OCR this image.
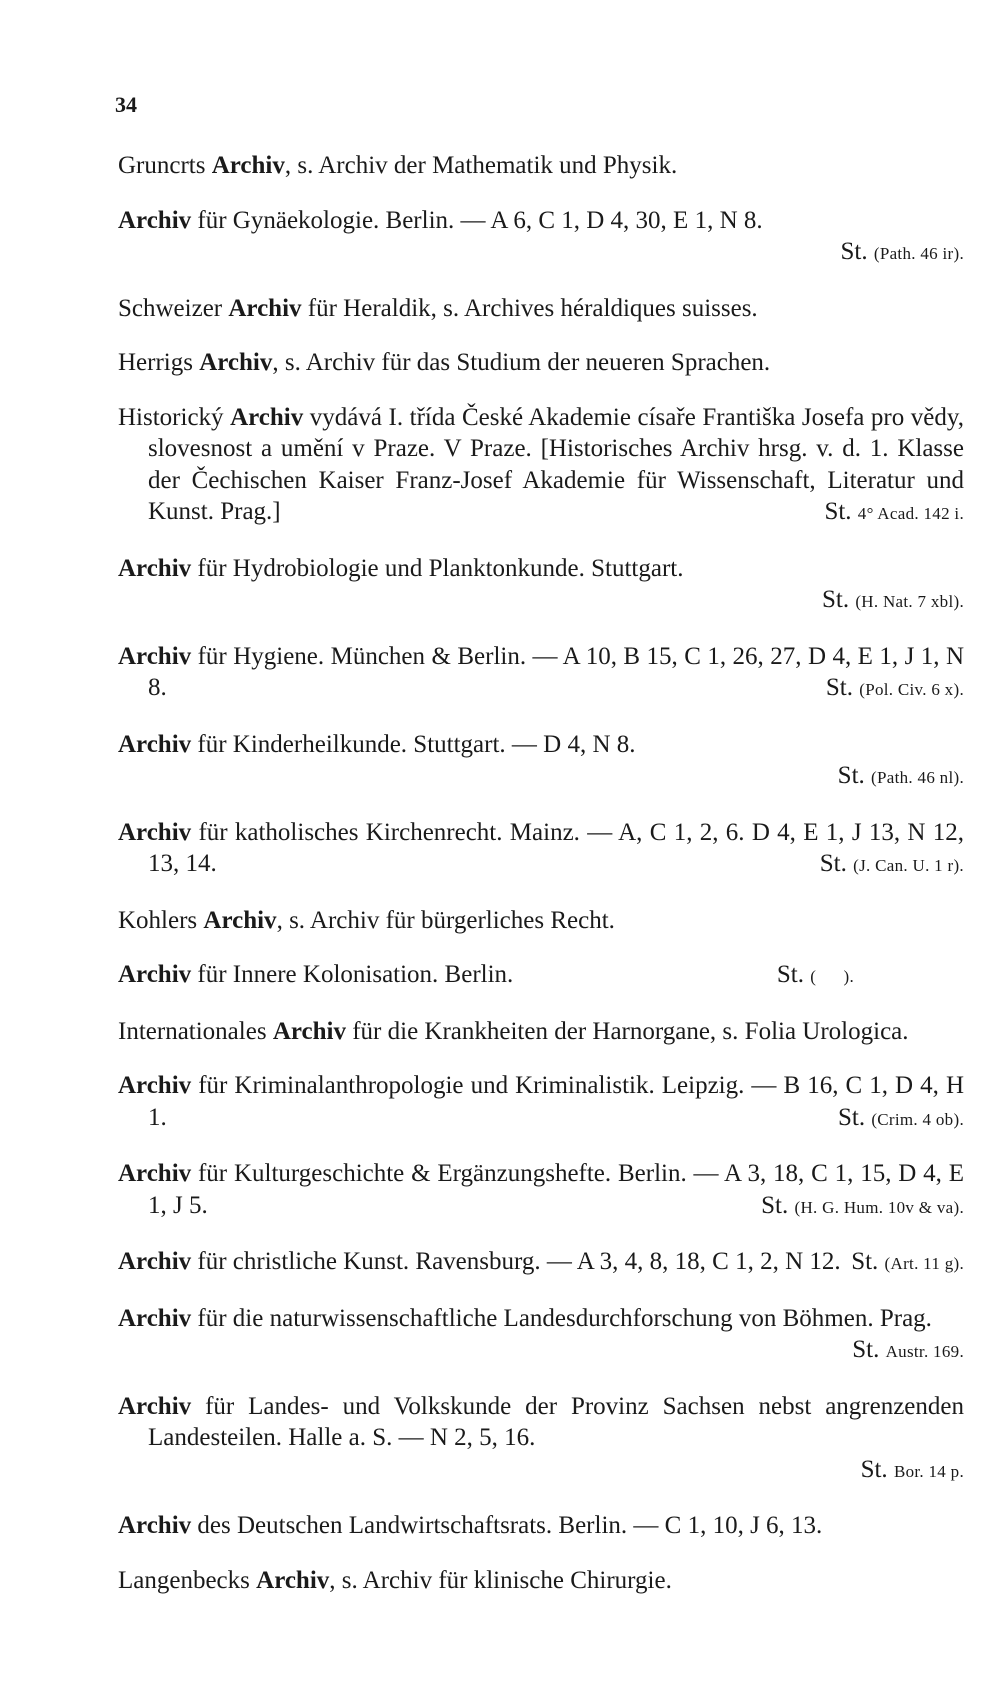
34
Gruncrts Archiv, s. Archiv der Mathematik und Physik.
Archiv für Gynäekologie. Berlin. — A 6, C 1, D 4, 30, E 1, N 8.
St. (Path. 46 ir).
Schweizer Archiv für Heraldik, s. Archives héraldiques suisses.
Herrigs Archiv, s. Archiv für das Studium der neueren Sprachen.
Historický Archiv vydává I. třída České Akademie císaře Františka Josefa pro vědy, slovesnost a umění v Praze. V Praze. [Historisches Archiv hrsg. v. d. 1. Klasse der Čechischen Kaiser Franz-Josef Akademie für Wissenschaft, Literatur und Kunst. Prag.]	St. 4° Acad. 142 i.
Archiv für Hydrobiologie und Planktonkunde. Stuttgart.
St. (H. Nat. 7 xbl).
Archiv für Hygiene. München & Berlin. — A 10, B 15, C 1, 26, 27, D 4, E 1, J 1, N 8.	St. (Pol. Civ. 6 x).
Archiv für Kinderheilkunde. Stuttgart. — D 4, N 8.
St. (Path. 46 nl).
Archiv für katholisches Kirchenrecht. Mainz. — A, C 1, 2, 6. D 4, E 1, J 13, N 12, 13, 14.	St. (J. Can. U. 1 r).
Kohlers Archiv, s. Archiv für bürgerliches Recht.
Archiv für Innere Kolonisation. Berlin.	St. (      ).
Internationales Archiv für die Krankheiten der Harnorgane, s. Folia Urologica.
Archiv für Kriminalanthropologie und Kriminalistik. Leipzig. — B 16, C 1, D 4, H 1.	St. (Crim. 4 ob).
Archiv für Kulturgeschichte & Ergänzungshefte. Berlin. — A 3, 18, C 1, 15, D 4, E 1, J 5.	St. (H. G. Hum. 10v & va).
Archiv für christliche Kunst. Ravensburg. — A 3, 4, 8, 18, C 1, 2, N 12. St. (Art. 11 g).
Archiv für die naturwissenschaftliche Landesdurchforschung von Böhmen. Prag.
St. Austr. 169.
Archiv für Landes- und Volkskunde der Provinz Sachsen nebst angrenzenden Landesteilen. Halle a. S. — N 2, 5, 16.
St. Bor. 14 p.
Archiv des Deutschen Landwirtschaftsrats. Berlin. — C 1, 10, J 6, 13.
Langenbecks Archiv, s. Archiv für klinische Chirurgie.
